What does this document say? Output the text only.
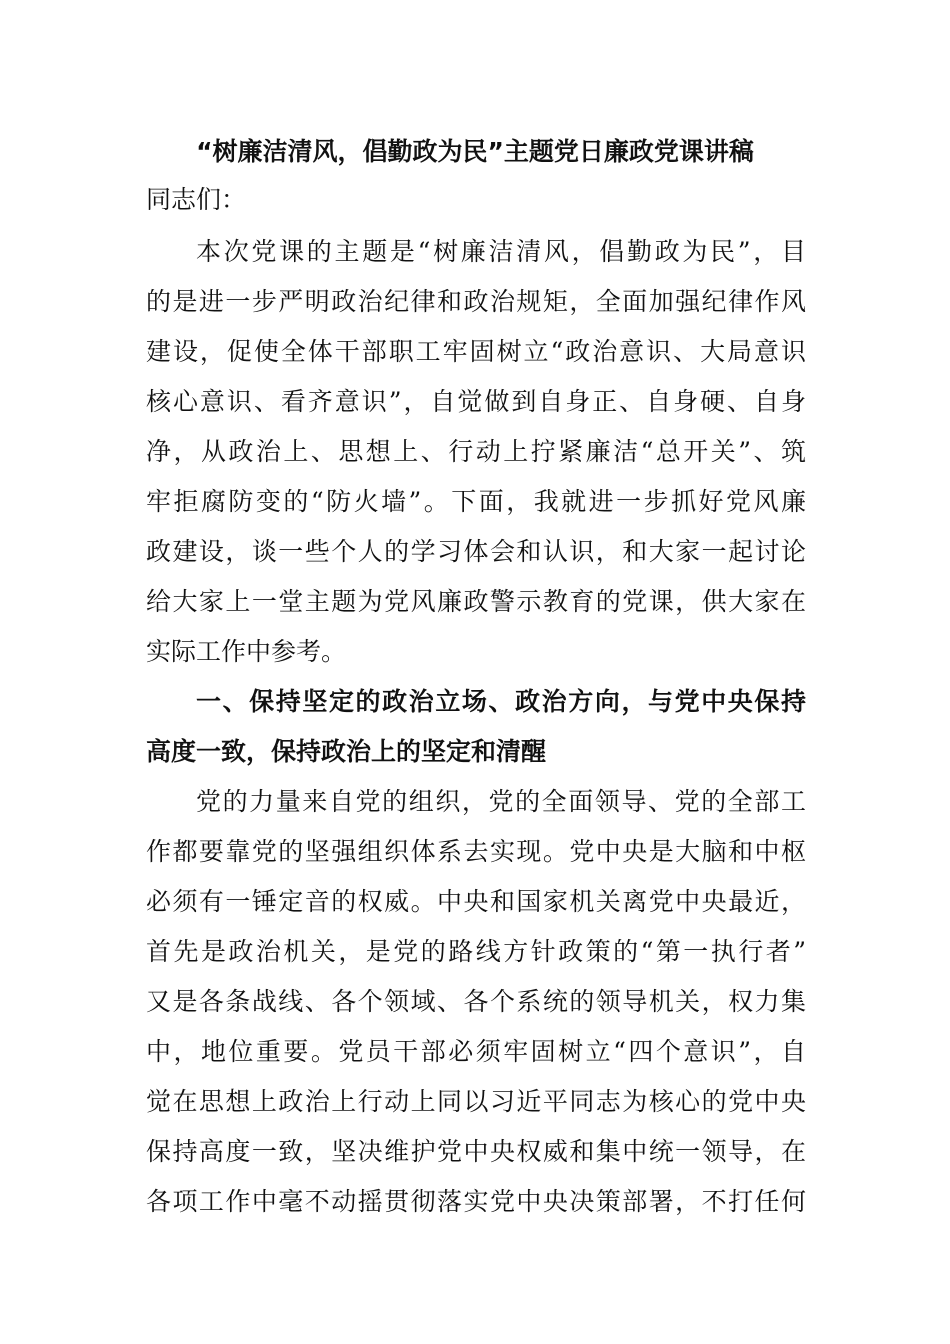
“树廉洁清风，倡勤政为民”主题党日廉政党课讲稿
同志们：
本次党课的主题是“树廉洁清风，倡勤政为民”，目
的是进一步严明政治纪律和政治规矩，全面加强纪律作风
建设，促使全体干部职工牢固树立“政治意识、大局意识
核心意识、看齐意识”，自觉做到自身正、自身硬、自身
净，从政治上、思想上、行动上拧紧廉洁“总开关”、筑
牢拒腐防变的“防火墙”。下面，我就进一步抓好党风廉
政建设，谈一些个人的学习体会和认识，和大家一起讨论
给大家上一堂主题为党风廉政警示教育的党课，供大家在
实际工作中参考。
一、保持坚定的政治立场、政治方向，与党中央保持
高度一致，保持政治上的坚定和清醒
党的力量来自党的组织，党的全面领导、党的全部工
作都要靠党的坚强组织体系去实现。党中央是大脑和中枢
必须有一锤定音的权威。中央和国家机关离党中央最近，
首先是政治机关，是党的路线方针政策的“第一执行者”
又是各条战线、各个领域、各个系统的领导机关，权力集
中，地位重要。党员干部必须牢固树立“四个意识”，自
觉在思想上政治上行动上同以习近平同志为核心的党中央
保持高度一致，坚决维护党中央权威和集中统一领导，在
各项工作中毫不动摇贯彻落实党中央决策部署，不打任何
